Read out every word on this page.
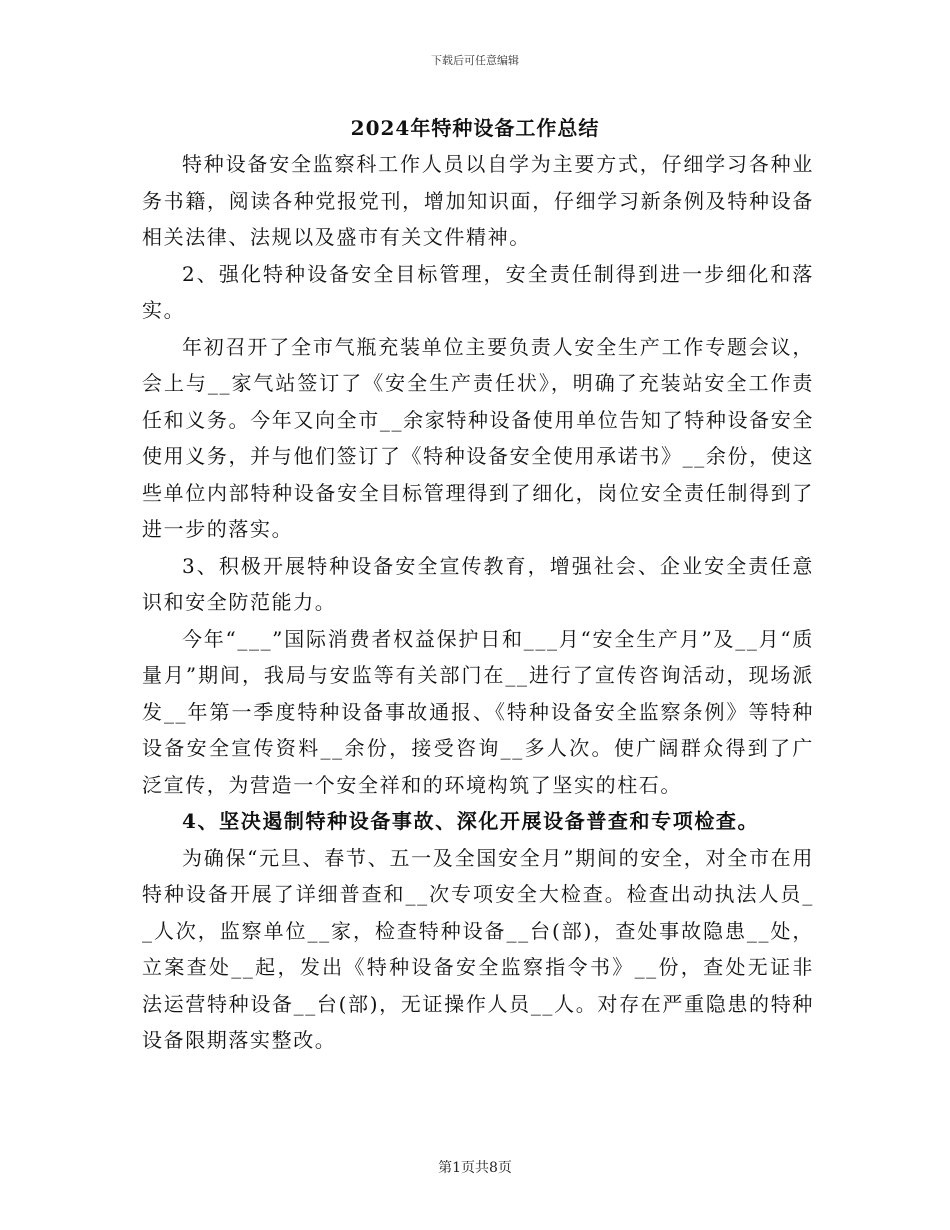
下载后可任意编辑
2024年特种设备工作总结

特种设备安全监察科工作人员以自学为主要方式，仔细学习各种业务书籍，阅读各种党报党刊，增加知识面，仔细学习新条例及特种设备相关法律、法规以及盛市有关文件精神。

2、强化特种设备安全目标管理，安全责任制得到进一步细化和落实。

年初召开了全市气瓶充装单位主要负责人安全生产工作专题会议，会上与__家气站签订了《安全生产责任状》，明确了充装站安全工作责任和义务。今年又向全市__余家特种设备使用单位告知了特种设备安全使用义务，并与他们签订了《特种设备安全使用承诺书》__余份，使这些单位内部特种设备安全目标管理得到了细化，岗位安全责任制得到了进一步的落实。

3、积极开展特种设备安全宣传教育，增强社会、企业安全责任意识和安全防范能力。

今年“___”国际消费者权益保护日和___月“安全生产月”及__月“质量月”期间，我局与安监等有关部门在__进行了宣传咨询活动，现场派发__年第一季度特种设备事故通报、《特种设备安全监察条例》等特种设备安全宣传资料__余份，接受咨询__多人次。使广阔群众得到了广泛宣传，为营造一个安全祥和的环境构筑了坚实的柱石。

4、坚决遏制特种设备事故、深化开展设备普查和专项检查。

为确保“元旦、春节、五一及全国安全月”期间的安全，对全市在用特种设备开展了详细普查和__次专项安全大检查。检查出动执法人员__人次，监察单位__家，检查特种设备__台(部)，查处事故隐患__处，立案查处__起，发出《特种设备安全监察指令书》__份，查处无证非法运营特种设备__台(部)，无证操作人员__人。对存在严重隐患的特种设备限期落实整改。

第1页共8页
